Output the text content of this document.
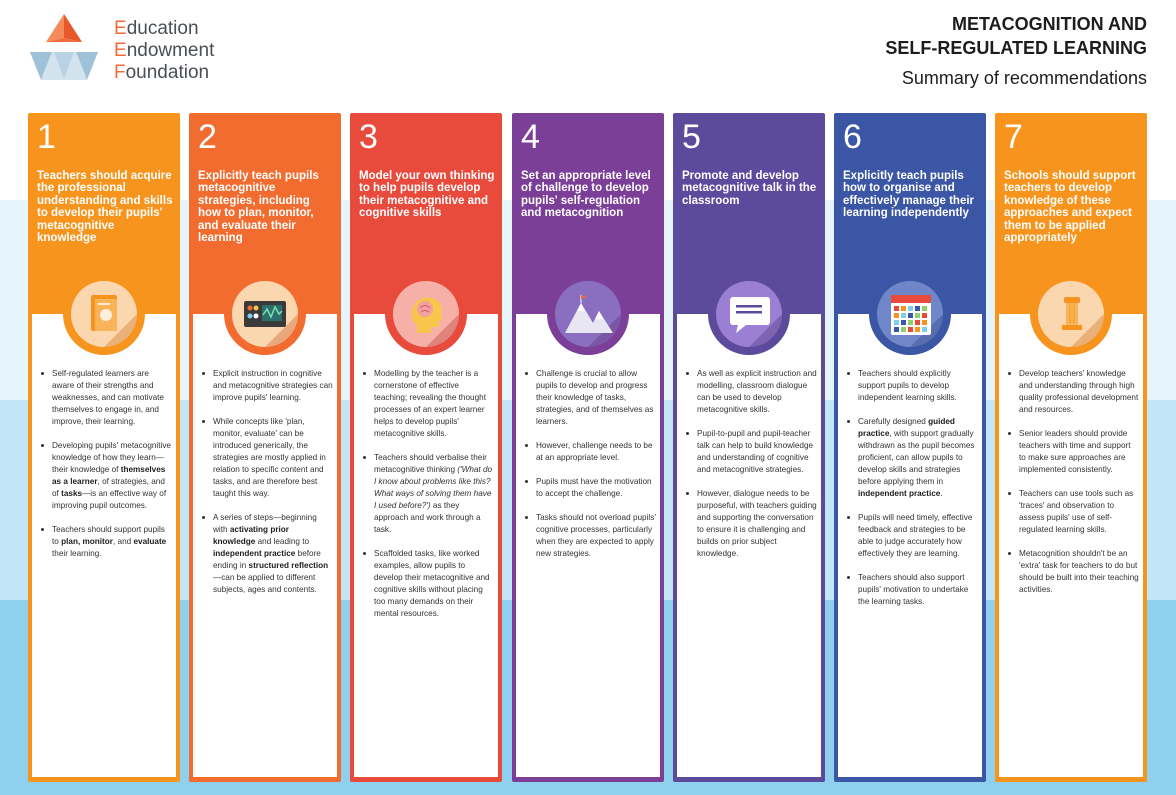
Education
Endowment
Foundation
METACOGNITION AND
SELF-REGULATED LEARNING
Summary of recommendations
1
Teachers should acquire the professional understanding and skills to develop their pupils' metacognitive knowledge
Self-regulated learners are aware of their strengths and weaknesses, and can motivate themselves to engage in, and improve, their learning.
Developing pupils' metacognitive knowledge of how they learn—their knowledge of themselves as a learner, of strategies, and of tasks—is an effective way of improving pupil outcomes.
Teachers should support pupils to plan, monitor, and evaluate their learning.
2
Explicitly teach pupils metacognitive strategies, including how to plan, monitor, and evaluate their learning
Explicit instruction in cognitive and metacognitive strategies can improve pupils' learning.
While concepts like 'plan, monitor, evaluate' can be introduced generically, the strategies are mostly applied in relation to specific content and tasks, and are therefore best taught this way.
A series of steps—beginning with activating prior knowledge and leading to independent practice before ending in structured reflection—can be applied to different subjects, ages and contents.
3
Model your own thinking to help pupils develop their metacognitive and cognitive skills
Modelling by the teacher is a cornerstone of effective teaching; revealing the thought processes of an expert learner helps to develop pupils' metacognitive skills.
Teachers should verbalise their metacognitive thinking ('What do I know about problems like this? What ways of solving them have I used before?') as they approach and work through a task.
Scaffolded tasks, like worked examples, allow pupils to develop their metacognitive and cognitive skills without placing too many demands on their mental resources.
4
Set an appropriate level of challenge to develop pupils' self-regulation and metacognition
Challenge is crucial to allow pupils to develop and progress their knowledge of tasks, strategies, and of themselves as learners.
However, challenge needs to be at an appropriate level.
Pupils must have the motivation to accept the challenge.
Tasks should not overload pupils' cognitive processes, particularly when they are expected to apply new strategies.
5
Promote and develop metacognitive talk in the classroom
As well as explicit instruction and modelling, classroom dialogue can be used to develop metacognitive skills.
Pupil-to-pupil and pupil-teacher talk can help to build knowledge and understanding of cognitive and metacognitive strategies.
However, dialogue needs to be purposeful, with teachers guiding and supporting the conversation to ensure it is challenging and builds on prior subject knowledge.
6
Explicitly teach pupils how to organise and effectively manage their learning independently
Teachers should explicitly support pupils to develop independent learning skills.
Carefully designed guided practice, with support gradually withdrawn as the pupil becomes proficient, can allow pupils to develop skills and strategies before applying them in independent practice.
Pupils will need timely, effective feedback and strategies to be able to judge accurately how effectively they are learning.
Teachers should also support pupils' motivation to undertake the learning tasks.
7
Schools should support teachers to develop knowledge of these approaches and expect them to be applied appropriately
Develop teachers' knowledge and understanding through high quality professional development and resources.
Senior leaders should provide teachers with time and support to make sure approaches are implemented consistently.
Teachers can use tools such as 'traces' and observation to assess pupils' use of self-regulated learning skills.
Metacognition shouldn't be an 'extra' task for teachers to do but should be built into their teaching activities.
